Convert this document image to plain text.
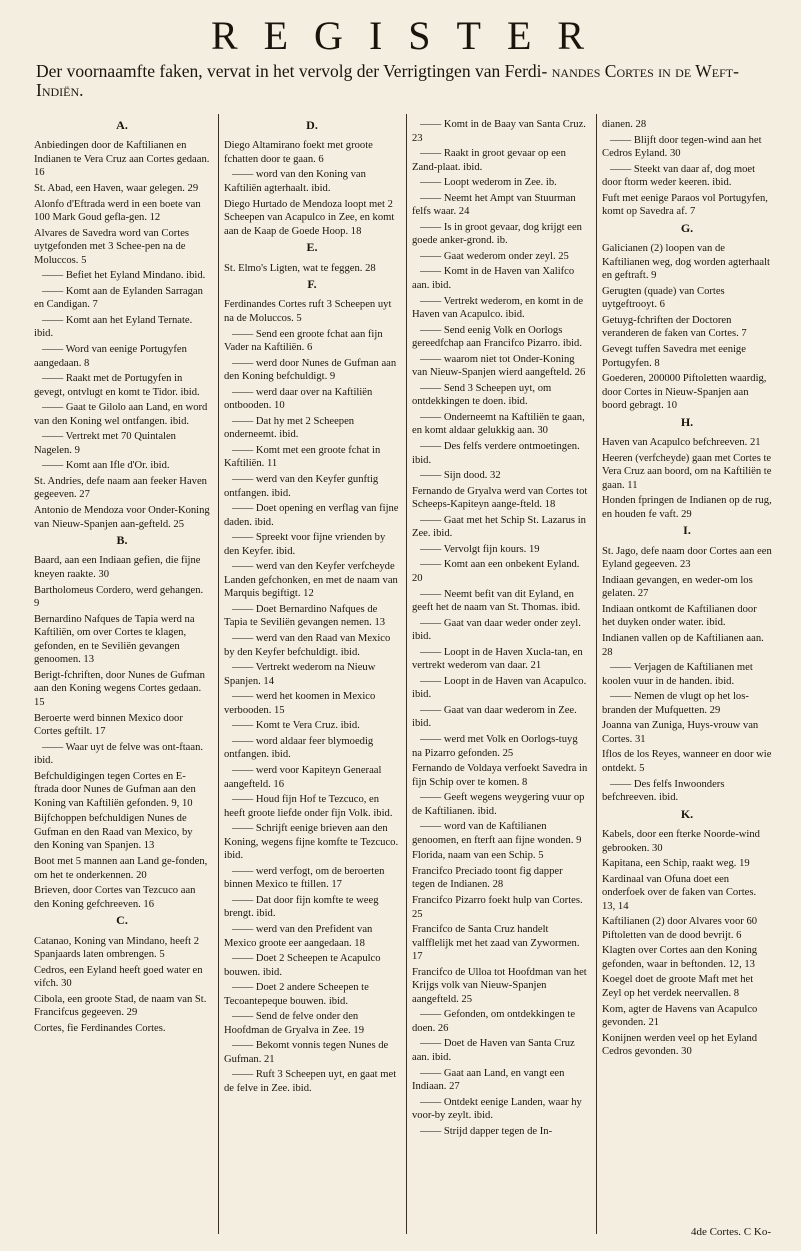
REGISTER

Der voornaamfte faken, vervat in het vervolg der Verrigtingen van Ferdi- nandes Cortes in de Weft-Indiën.

A.

Anbiedingen door de Kaftilianen en Indianen te Vera Cruz aan Cortes gedaan. 16

St. Abad, een Haven, waar gelegen. 29

Alonfo d'Eftrada werd in een boete van 100 Mark Goud gefla-gen. 12

Alvares de Savedra word van Cortes uytgefonden met 3 Schee-pen na de Moluccos. 5

—— Befiet het Eyland Mindano. ibid.

—— Komt aan de Eylanden Sarragan en Candigan. 7

—— Komt aan het Eyland Ternate. ibid.

—— Word van eenige Portugyfen aangedaan. 8

—— Raakt met de Portugyfen in gevegt, ontvlugt en komt te Tidor. ibid.

—— Gaat te Gilolo aan Land, en word van den Koning wel ontfangen. ibid.

—— Vertrekt met 70 Quintalen Nagelen. 9

—— Komt aan Ifle d'Or. ibid.

St. Andries, defe naam aan feeker Haven gegeeven. 27

Antonio de Mendoza voor Onder-Koning van Nieuw-Spanjen aan-gefteld. 25

B.

Baard, aan een Indiaan gefien, die fijne kneyen raakte. 30

Bartholomeus Cordero, werd gehangen. 9

Bernardino Nafques de Tapia werd na Kaftiliën, om over Cortes te klagen, gefonden, en te Seviliën gevangen genoomen. 13

Berigt-fchriften, door Nunes de Gufman aan den Koning wegens Cortes gedaan. 15

Beroerte werd binnen Mexico door Cortes geftilt. 17

—— Waar uyt de felve was ont-ftaan. ibid.

Befchuldigingen tegen Cortes en E-ftrada door Nunes de Gufman aan den Koning van Kaftiliën gefonden. 9, 10

Bijfchoppen befchuldigen Nunes de Gufman en den Raad van Mexico, by den Koning van Spanjen. 13

Boot met 5 mannen aan Land ge-fonden, om het te onderkennen. 20

Brieven, door Cortes van Tezcuco aan den Koning gefchreeven. 16

C.

Catanao, Koning van Mindano, heeft 2 Spanjaards laten ombrengen. 5

Cedros, een Eyland heeft goed water en vifch. 30

Cibola, een groote Stad, de naam van St. Francifcus gegeeven. 29

Cortes, fie Ferdinandes Cortes.

D.

Diego Altamirano foekt met groote fchatten door te gaan. 6

—— word van den Koning van Kaftiliën agterhaalt. ibid.

Diego Hurtado de Mendoza loopt met 2 Scheepen van Acapulco in Zee, en komt aan de Kaap de Goede Hoop. 18

E.

St. Elmo's Ligten, wat te feggen. 28

F.

Ferdinandes Cortes ruft 3 Scheepen uyt na de Moluccos. 5

—— Send een groote fchat aan fijn Vader na Kaftiliën. 6

—— werd door Nunes de Gufman aan den Koning befchuldigt. 9

—— werd daar over na Kaftiliën ontbooden. 10

—— Dat hy met 2 Scheepen onderneemt. ibid.

—— Komt met een groote fchat in Kaftiliën. 11

—— werd van den Keyfer gunftig ontfangen. ibid.

—— Doet opening en verflag van fijne daden. ibid.

—— Spreekt voor fijne vrienden by den Keyfer. ibid.

—— werd van den Keyfer verfcheyde Landen gefchonken, en met de naam van Marquis begiftigt. 12

—— Doet Bernardino Nafques de Tapia te Seviliën gevangen nemen. 13

—— werd van den Raad van Mexico by den Keyfer befchuldigt. ibid.

—— Vertrekt wederom na Nieuw Spanjen. 14

—— werd het koomen in Mexico verbooden. 15

—— Komt te Vera Cruz. ibid.

—— word aldaar feer blymoedig ontfangen. ibid.

—— werd voor Kapiteyn Generaal aangefteld. 16

—— Houd fijn Hof te Tezcuco, en heeft groote liefde onder fijn Volk. ibid.

—— Schrijft eenige brieven aan den Koning, wegens fijne komfte te Tezcuco. ibid.

—— werd verfogt, om de beroerten binnen Mexico te ftillen. 17

—— Dat door fijn komfte te weeg brengt. ibid.

—— werd van den Prefident van Mexico groote eer aangedaan. 18

—— Doet 2 Scheepen te Acapulco bouwen. ibid.

—— Doet 2 andere Scheepen te Tecoantepeque bouwen. ibid.

—— Send de felve onder den Hoofdman de Gryalva in Zee. 19

—— Bekomt vonnis tegen Nunes de Gufman. 21

—— Ruft 3 Scheepen uyt, en gaat met de felve in Zee. ibid.

—— Komt in de Baay van Santa Cruz. 23

—— Raakt in groot gevaar op een Zand-plaat. ibid.

—— Loopt wederom in Zee. ib.

—— Neemt het Ampt van Stuurman felfs waar. 24

—— Is in groot gevaar, dog krijgt een goede anker-grond. ib.

—— Gaat wederom onder zeyl. 25

—— Komt in de Haven van Xalifco aan. ibid.

—— Vertrekt wederom, en komt in de Haven van Acapulco. ibid.

—— Send eenig Volk en Oorlogs gereedfchap aan Francifco Pizarro. ibid.

—— waarom niet tot Onder-Koning van Nieuw-Spanjen wierd aangefteld. 26

—— Send 3 Scheepen uyt, om ontdekkingen te doen. ibid.

—— Onderneemt na Kaftiliën te gaan, en komt aldaar gelukkig aan. 30

—— Des felfs verdere ontmoetingen. ibid.

—— Sijn dood. 32

Fernando de Gryalva werd van Cortes tot Scheeps-Kapiteyn aange-fteld. 18

—— Gaat met het Schip St. Lazarus in Zee. ibid.

—— Vervolgt fijn kours. 19

—— Komt aan een onbekent Eyland. 20

—— Neemt befit van dit Eyland, en geeft het de naam van St. Thomas. ibid.

—— Gaat van daar weder onder zeyl. ibid.

—— Loopt in de Haven Xucla-tan, en vertrekt wederom van daar. 21

—— Loopt in de Haven van Acapulco. ibid.

—— Gaat van daar wederom in Zee. ibid.

—— werd met Volk en Oorlogs-tuyg na Pizarro gefonden. 25

Fernando de Voldaya verfoekt Savedra in fijn Schip over te komen. 8

—— Geeft wegens weygering vuur op de Kaftilianen. ibid.

—— word van de Kaftilianen genoomen, en fterft aan fijne wonden. 9

Florida, naam van een Schip. 5

Francifco Preciado toont fig dapper tegen de Indianen. 28

Francifco Pizarro foekt hulp van Cortes. 25

Francifco de Santa Cruz handelt valfflelijk met het zaad van Zywormen. 17

Francifco de Ulloa tot Hoofdman van het Krijgs volk van Nieuw-Spanjen aangefteld. 25

—— Gefonden, om ontdekkingen te doen. 26

—— Doet de Haven van Santa Cruz aan. ibid.

—— Gaat aan Land, en vangt een Indiaan. 27

—— Ontdekt eenige Landen, waar hy voor-by zeylt. ibid.

—— Strijd dapper tegen de In-

dianen. 28

—— Blijft door tegen-wind aan het Cedros Eyland. 30

—— Steekt van daar af, dog moet door ftorm weder keeren. ibid.

Fuft met eenige Paraos vol Portugyfen, komt op Savedra af. 7

G.

Galicianen (2) loopen van de Kaftilianen weg, dog worden agterhaalt en geftraft. 9

Gerugten (quade) van Cortes uytgeftrooyt. 6

Getuyg-fchriften der Doctoren veranderen de faken van Cortes. 7

Gevegt tuffen Savedra met eenige Portugyfen. 8

Goederen, 200000 Piftoletten waardig, door Cortes in Nieuw-Spanjen aan boord gebragt. 10

H.

Haven van Acapulco befchreeven. 21

Heeren (verfcheyde) gaan met Cortes te Vera Cruz aan boord, om na Kaftiliën te gaan. 11

Honden fpringen de Indianen op de rug, en houden fe vaft. 29

I.

St. Jago, defe naam door Cortes aan een Eyland gegeeven. 23

Indiaan gevangen, en weder-om los gelaten. 27

Indiaan ontkomt de Kaftilianen door het duyken onder water. ibid.

Indianen vallen op de Kaftilianen aan. 28

—— Verjagen de Kaftilianen met koolen vuur in de handen. ibid.

—— Nemen de vlugt op het los-branden der Mufquetten. 29

Joanna van Zuniga, Huys-vrouw van Cortes. 31

Iflos de los Reyes, wanneer en door wie ontdekt. 5

—— Des felfs Inwoonders befchreeven. ibid.

K.

Kabels, door een fterke Noorde-wind gebrooken. 30

Kapitana, een Schip, raakt weg. 19

Kardinaal van Ofuna doet een onderfoek over de faken van Cortes. 13, 14

Kaftilianen (2) door Alvares voor 60 Piftoletten van de dood bevrijt. 6

Klagten over Cortes aan den Koning gefonden, waar in beftonden. 12, 13

Koegel doet de groote Maft met het Zeyl op het verdek neervallen. 8

Kom, agter de Havens van Acapulco gevonden. 21

Konijnen werden veel op het Eyland Cedros gevonden. 30

4de Cortes. C Ko-
